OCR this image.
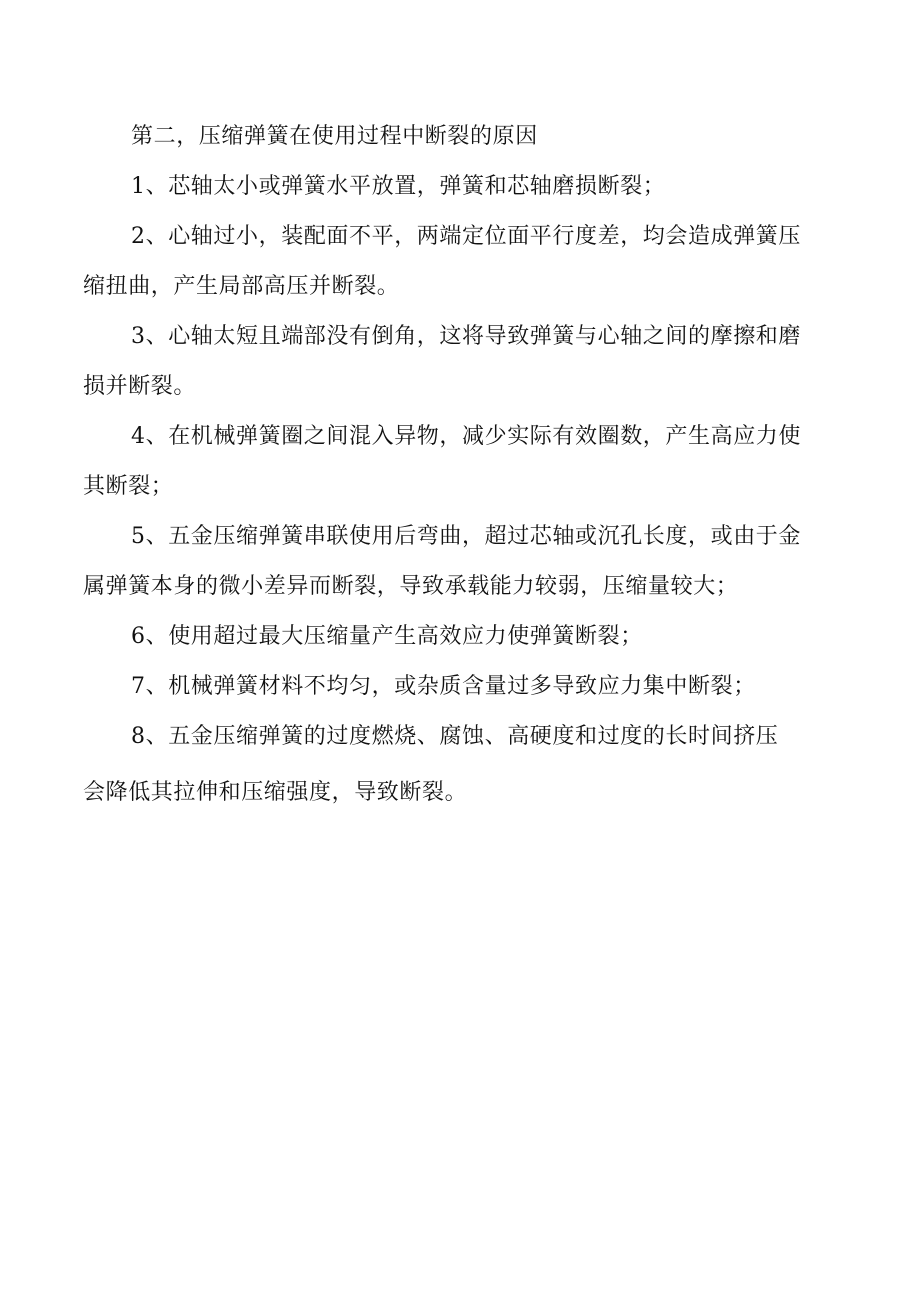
第二，压缩弹簧在使用过程中断裂的原因
1、芯轴太小或弹簧水平放置，弹簧和芯轴磨损断裂；
2、心轴过小，装配面不平，两端定位面平行度差，均会造成弹簧压
缩扭曲，产生局部高压并断裂。
3、心轴太短且端部没有倒角，这将导致弹簧与心轴之间的摩擦和磨
损并断裂。
4、在机械弹簧圈之间混入异物，减少实际有效圈数，产生高应力使
其断裂；
5、五金压缩弹簧串联使用后弯曲，超过芯轴或沉孔长度，或由于金
属弹簧本身的微小差异而断裂，导致承载能力较弱，压缩量较大；
6、使用超过最大压缩量产生高效应力使弹簧断裂；
7、机械弹簧材料不均匀，或杂质含量过多导致应力集中断裂；
8、五金压缩弹簧的过度燃烧、腐蚀、高硬度和过度的长时间挤压
会降低其拉伸和压缩强度，导致断裂。
